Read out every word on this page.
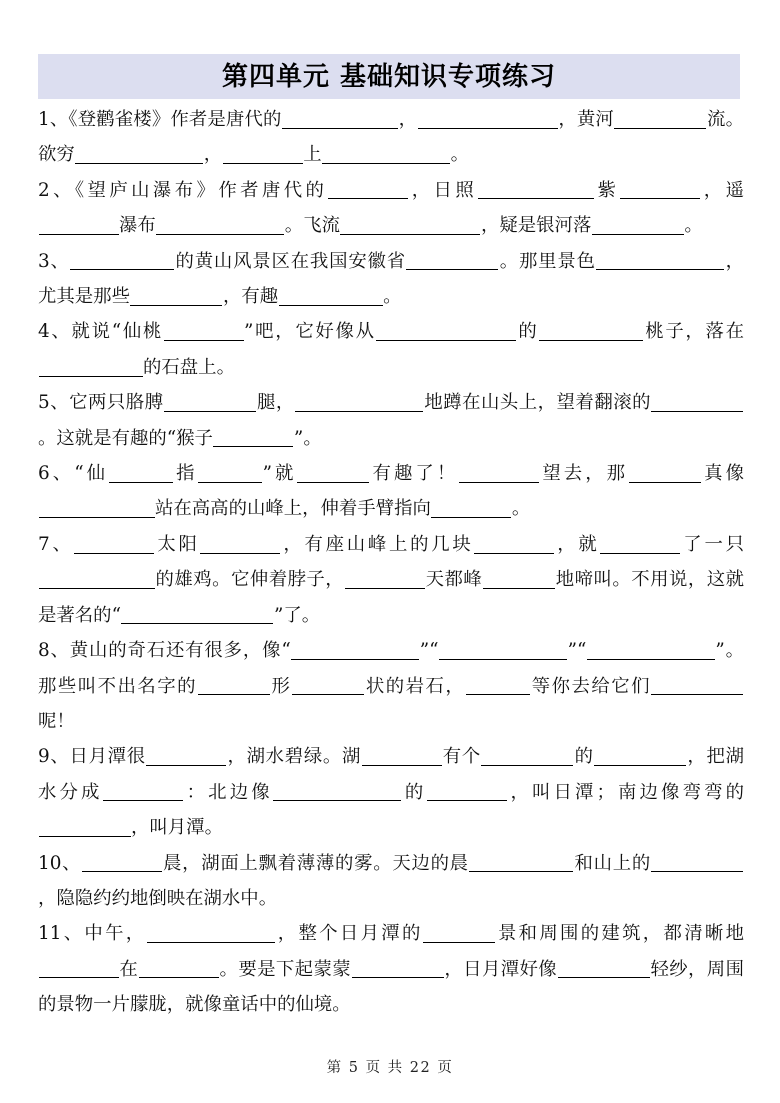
第四单元 基础知识专项练习

1、《登鹳雀楼》作者是唐代的	，	，黄河	流。欲穷	，	上	。

2、《望庐山瀑布》作者唐代的	，日照	紫	，遥瀑布	。飞流	，疑是银河落	。

3、	的黄山风景区在我国安徽省	。那里景色	，尤其是那些	，有趣	。

4、就说“仙桃	”吧，它好像从	的	桃子，落在的石盘上。

5、它两只胳膊	腿，	地蹲在山头上，望着翻滚的。这就是有趣的“猴子	”。

6、“仙	指	”就	有趣了！	望去，那	真像站在高高的山峰上，伸着手臂指向	。

7、	太阳	，有座山峰上的几块	，就	了一只的雄鸡。它伸着脖子，	天都峰	地啼叫。不用说，这就是著名的“	”了。

8、黄山的奇石还有很多，像“	”“	”“	”。那些叫不出名字的	形	状的岩石，	等你去给它们呢！

9、日月潭很	，湖水碧绿。湖	有个	的	，把湖水分成	：北边像	的	，叫日潭；南边像弯弯的，叫月潭。

10、	晨，湖面上飘着薄薄的雾。天边的晨	和山上的，隐隐约约地倒映在湖水中。

11、中午，	，整个日月潭的	景和周围的建筑，都清晰地在	。要是下起蒙蒙	，日月潭好像	轻纱，周围的景物一片朦胧，就像童话中的仙境。

第 5 页 共 22 页
